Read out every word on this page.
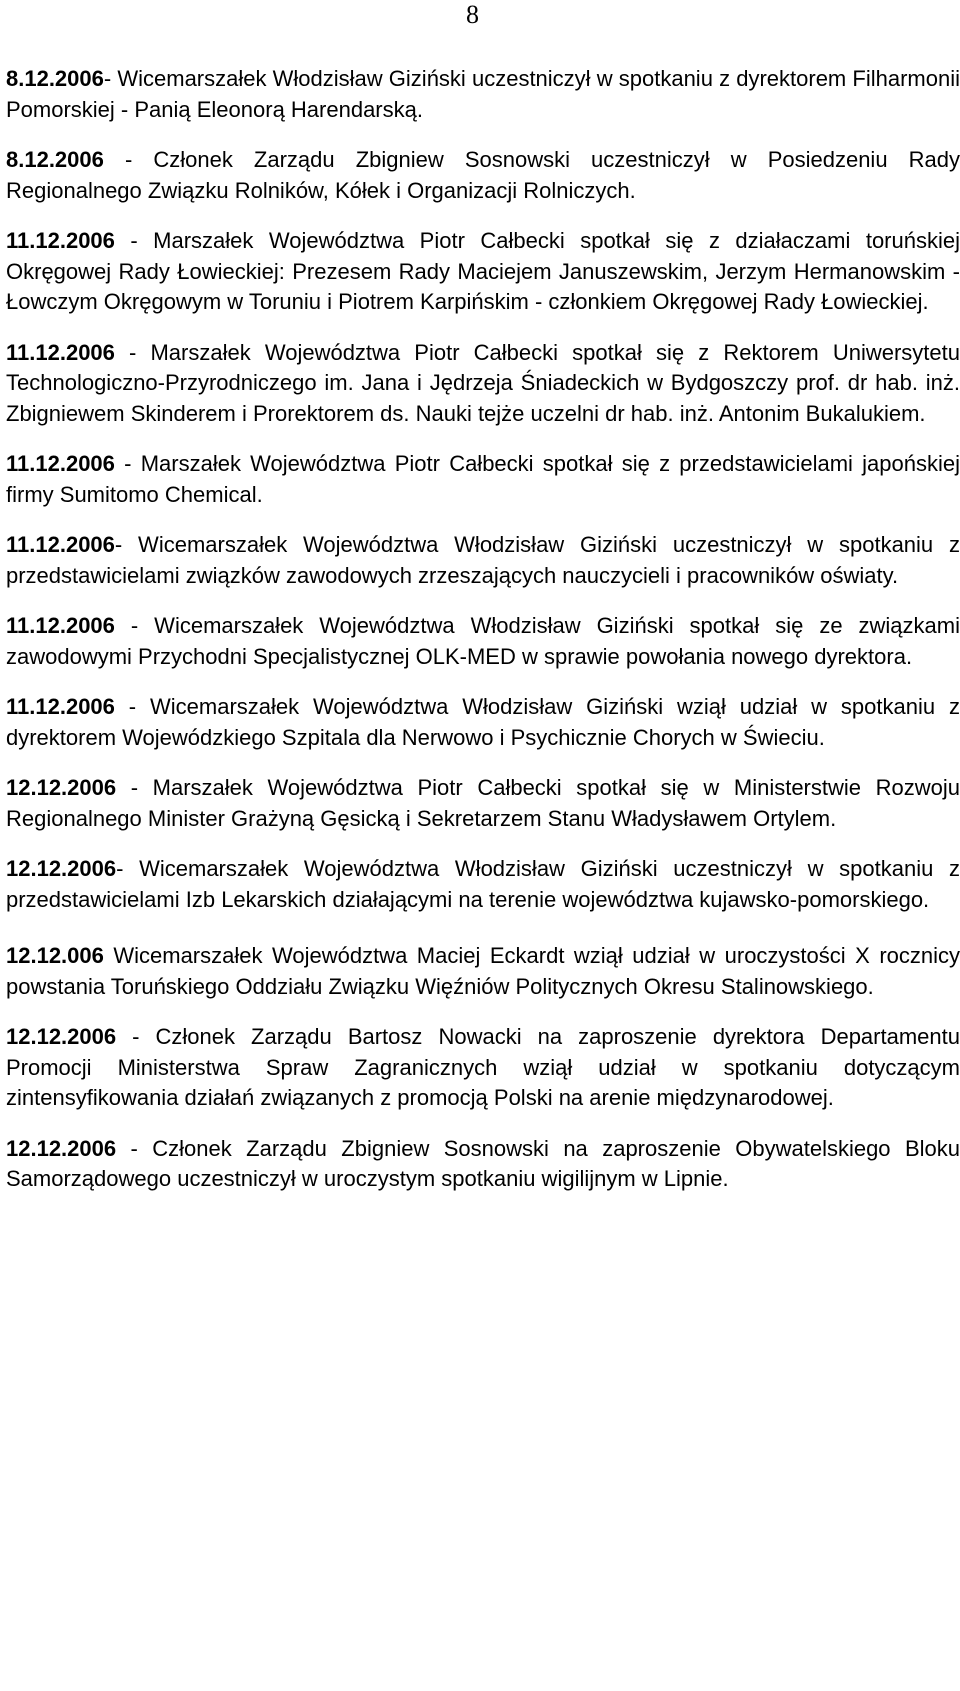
8

8.12.2006- Wicemarszałek Włodzisław Giziński uczestniczył w spotkaniu z dyrektorem Filharmonii Pomorskiej - Panią Eleonorą Harendarską.

8.12.2006 - Członek Zarządu Zbigniew Sosnowski uczestniczył w Posiedzeniu Rady Regionalnego Związku Rolników, Kółek i Organizacji Rolniczych.

11.12.2006 - Marszałek Województwa Piotr Całbecki spotkał się z działaczami toruńskiej Okręgowej Rady Łowieckiej: Prezesem Rady Maciejem Januszewskim, Jerzym Hermanowskim - Łowczym Okręgowym w Toruniu i Piotrem Karpińskim - członkiem Okręgowej Rady Łowieckiej.

11.12.2006 - Marszałek Województwa Piotr Całbecki spotkał się z Rektorem Uniwersytetu Technologiczno-Przyrodniczego im. Jana i Jędrzeja Śniadeckich w Bydgoszczy prof. dr hab. inż. Zbigniewem Skinderem i Prorektorem ds. Nauki tejże uczelni dr hab. inż. Antonim Bukalukiem.

11.12.2006 - Marszałek Województwa Piotr Całbecki spotkał się z przedstawicielami japońskiej firmy Sumitomo Chemical.

11.12.2006- Wicemarszałek Województwa Włodzisław Giziński uczestniczył w spotkaniu z przedstawicielami związków zawodowych zrzeszających nauczycieli i pracowników oświaty.

11.12.2006 - Wicemarszałek Województwa Włodzisław Giziński spotkał się ze związkami zawodowymi Przychodni Specjalistycznej OLK-MED w sprawie powołania nowego dyrektora.

11.12.2006 - Wicemarszałek Województwa Włodzisław Giziński wziął udział w spotkaniu z dyrektorem Wojewódzkiego Szpitala dla Nerwowo i Psychicznie Chorych w Świeciu.

12.12.2006 - Marszałek Województwa Piotr Całbecki spotkał się w Ministerstwie Rozwoju Regionalnego Minister Grażyną Gęsicką i Sekretarzem Stanu Władysławem Ortylem.

12.12.2006- Wicemarszałek Województwa Włodzisław Giziński uczestniczył w spotkaniu z przedstawicielami Izb Lekarskich działającymi na terenie województwa kujawsko-pomorskiego.

12.12.006 Wicemarszałek Województwa Maciej Eckardt wziął udział w uroczystości X rocznicy powstania Toruńskiego Oddziału Związku Więźniów Politycznych Okresu Stalinowskiego.

12.12.2006 - Członek Zarządu Bartosz Nowacki na zaproszenie dyrektora Departamentu Promocji Ministerstwa Spraw Zagranicznych wziął udział w spotkaniu dotyczącym zintensyfikowania działań związanych z promocją Polski na arenie międzynarodowej.

12.12.2006 - Członek Zarządu Zbigniew Sosnowski na zaproszenie Obywatelskiego Bloku Samorządowego uczestniczył w uroczystym spotkaniu wigilijnym w Lipnie.
